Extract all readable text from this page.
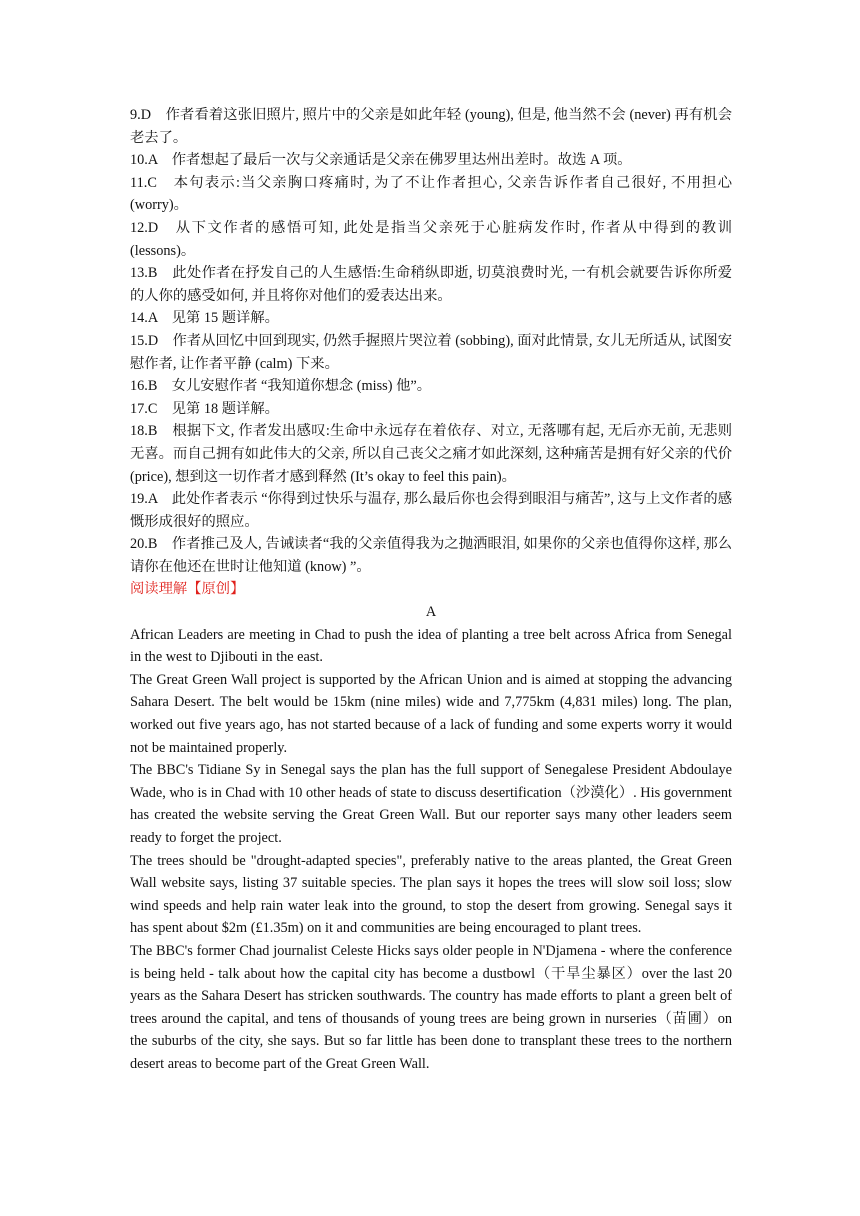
9.D　作者看着这张旧照片, 照片中的父亲是如此年轻 (young), 但是, 他当然不会 (never) 再有机会老去了。

10.A　作者想起了最后一次与父亲通话是父亲在佛罗里达州出差时。故选 A 项。

11.C　本句表示:当父亲胸口疼痛时, 为了不让作者担心, 父亲告诉作者自己很好, 不用担心 (worry)。

12.D　从下文作者的感悟可知, 此处是指当父亲死于心脏病发作时, 作者从中得到的教训 (lessons)。

13.B　此处作者在抒发自己的人生感悟:生命稍纵即逝, 切莫浪费时光, 一有机会就要告诉你所爱的人你的感受如何, 并且将你对他们的爱表达出来。

14.A　见第 15 题详解。

15.D　作者从回忆中回到现实, 仍然手握照片哭泣着 (sobbing), 面对此情景, 女儿无所适从, 试图安慰作者, 让作者平静 (calm) 下来。

16.B　女儿安慰作者 “我知道你想念 (miss) 他”。

17.C　见第 18 题详解。

18.B　根据下文, 作者发出感叹:生命中永远存在着依存、对立, 无落哪有起, 无后亦无前, 无悲则无喜。而自己拥有如此伟大的父亲, 所以自己丧父之痛才如此深刻, 这种痛苦是拥有好父亲的代价 (price), 想到这一切作者才感到释然 (It’s okay to feel this pain)。

19.A　此处作者表示 “你得到过快乐与温存, 那么最后你也会得到眼泪与痛苦”, 这与上文作者的感慨形成很好的照应。

20.B　作者推己及人, 告诫读者“我的父亲值得我为之抛洒眼泪, 如果你的父亲也值得你这样, 那么请你在他还在世时让他知道 (know) ”。

阅读理解【原创】

A

African Leaders are meeting in Chad to push the idea of planting a tree belt across Africa from Senegal in the west to Djibouti in the east.

The Great Green Wall project is supported by the African Union and is aimed at stopping the advancing Sahara Desert. The belt would be 15km (nine miles) wide and 7,775km (4,831 miles) long. The plan, worked out five years ago, has not started because of a lack of funding and some experts worry it would not be maintained properly.

The BBC's Tidiane Sy in Senegal says the plan has the full support of Senegalese President Abdoulaye Wade, who is in Chad with 10 other heads of state to discuss desertification（沙漠化）. His government has created the website serving the Great Green Wall. But our reporter says many other leaders seem ready to forget the project.

The trees should be "drought-adapted species", preferably native to the areas planted, the Great Green Wall website says, listing 37 suitable species. The plan says it hopes the trees will slow soil loss; slow wind speeds and help rain water leak into the ground, to stop the desert from growing. Senegal says it has spent about $2m (£1.35m) on it and communities are being encouraged to plant trees.

The BBC's former Chad journalist Celeste Hicks says older people in N'Djamena - where the conference is being held - talk about how the capital city has become a dustbowl（干旱尘暴区）over the last 20 years as the Sahara Desert has stricken southwards. The country has made efforts to plant a green belt of trees around the capital, and tens of thousands of young trees are being grown in nurseries（苗圃）on the suburbs of the city, she says. But so far little has been done to transplant these trees to the northern desert areas to become part of the Great Green Wall.
